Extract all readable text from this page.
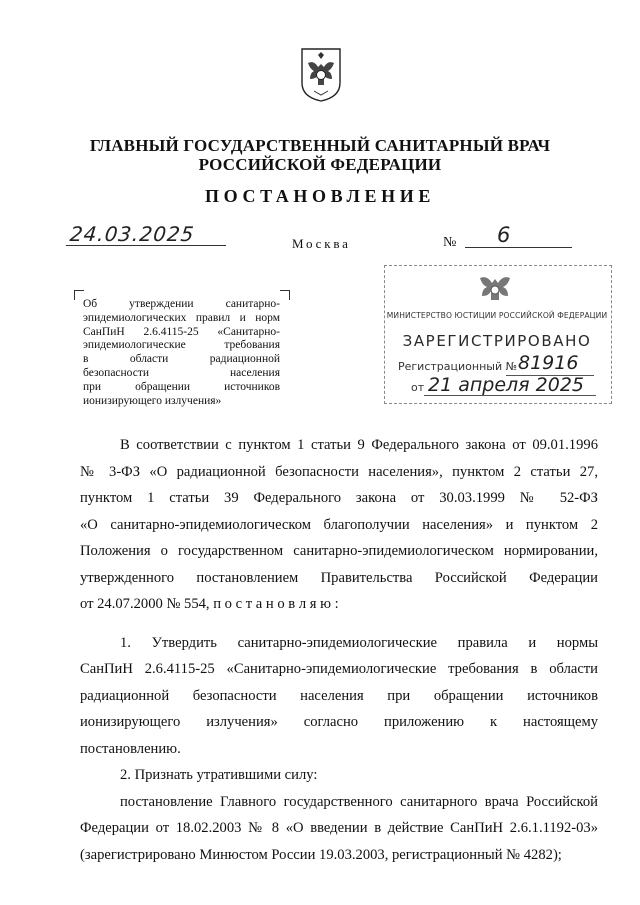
ГЛАВНЫЙ ГОСУДАРСТВЕННЫЙ САНИТАРНЫЙ ВРАЧ
РОССИЙСКОЙ ФЕДЕРАЦИИ
ПОСТАНОВЛЕНИЕ
24.03.2025	Москва	№ 6
Об утверждении санитарно-
эпидемиологических правил и норм
СанПиН 2.6.4115-25 «Санитарно-
эпидемиологические требования
в области радиационной
безопасности населения
при обращении источников
ионизирующего излучения»
МИНИСТЕРСТВО ЮСТИЦИИ РОССИЙСКОЙ ФЕДЕРАЦИИ
ЗАРЕГИСТРИРОВАНО
Регистрационный № 81916
от 21 апреля 2025
В соответствии с пунктом 1 статьи 9 Федерального закона от 09.01.1996
№ 3-ФЗ «О радиационной безопасности населения», пунктом 2 статьи 27,
пунктом 1 статьи 39 Федерального закона от 30.03.1999 № 52-ФЗ
«О санитарно-эпидемиологическом благополучии населения» и пунктом 2
Положения о государственном санитарно-эпидемиологическом нормировании,
утвержденного постановлением Правительства Российской Федерации
от 24.07.2000 № 554, п о с т а н о в л я ю :
1. Утвердить санитарно-эпидемиологические правила и нормы
СанПиН 2.6.4115-25 «Санитарно-эпидемиологические требования в области
радиационной безопасности населения при обращении источников
ионизирующего излучения» согласно приложению к настоящему
постановлению.
2. Признать утратившими силу:
постановление Главного государственного санитарного врача Российской
Федерации от 18.02.2003 № 8 «О введении в действие СанПиН 2.6.1.1192-03»
(зарегистрировано Минюстом России 19.03.2003, регистрационный № 4282);
